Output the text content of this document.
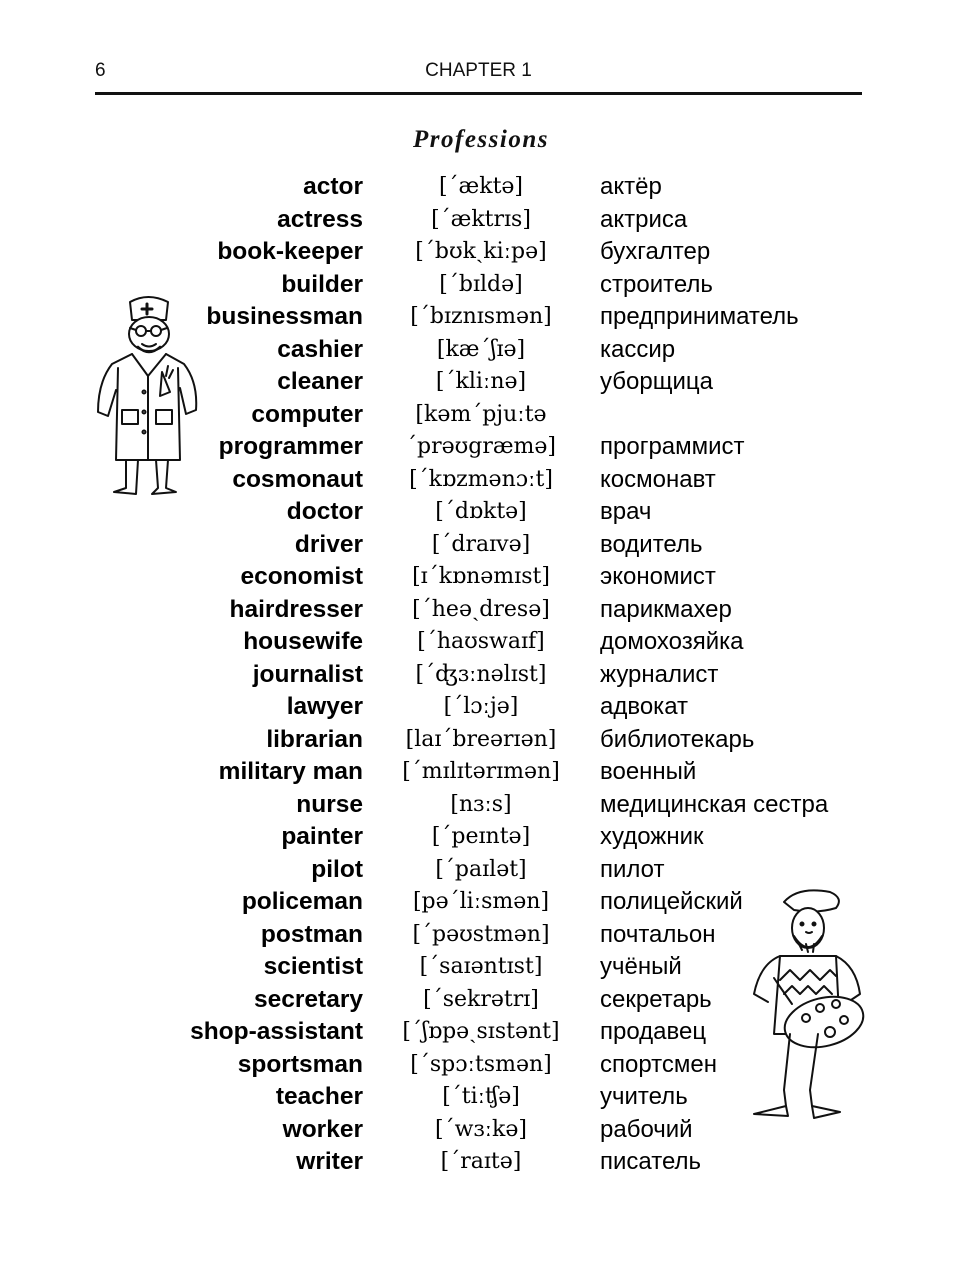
6	CHAPTER 1
Professions
actor	[ˊæktə]	актёр
actress	[ˊæktrɪs]	актриса
book-keeper [ˊbʊkˏkiːpə] бухгалтер
builder	[ˊbɪldə]	строитель
businessman [ˊbɪznɪsmən] предприниматель
cashier	[kæˊʃɪə]	кассир
cleaner	[ˊkliːnə]	уборщица
computer [kəmˊpjuːtə
programmer ˊprəʊgræmə] программист
cosmonaut [ˊkɒzmənɔːt] космонавт
doctor	[ˊdɒktə]	врач
driver	[ˊdraɪvə]	водитель
economist [ɪˊkɒnəmɪst] экономист
hairdresser [ˊheəˏdresə] парикмахер
housewife [ˊhaʊswaɪf] домохозяйка
journalist [ˊʤɜːnəlɪst] журналист
lawyer	[ˊlɔːjə]	адвокат
librarian [laɪˊbreərɪən] библиотекарь
military man [ˊmɪlɪtərɪmən] военный
nurse	[nɜːs]	медицинская сестра
painter	[ˊpeɪntə]	художник
pilot	[ˊpaɪlət]	пилот
policeman [pəˊliːsmən] полицейский
postman [ˊpəʊstmən] почтальон
scientist	[ˊsaɪəntɪst] учёный
secretary	[ˊsekrətrɪ]	секретарь
shop-assistant [ˊʃɒpəˏsɪstənt] продавец
sportsman [ˊspɔːtsmən] спортсмен
teacher	[ˊtiːʧə]	учитель
worker	[ˊwɜːkə]	рабочий
writer	[ˊraɪtə]	писатель
